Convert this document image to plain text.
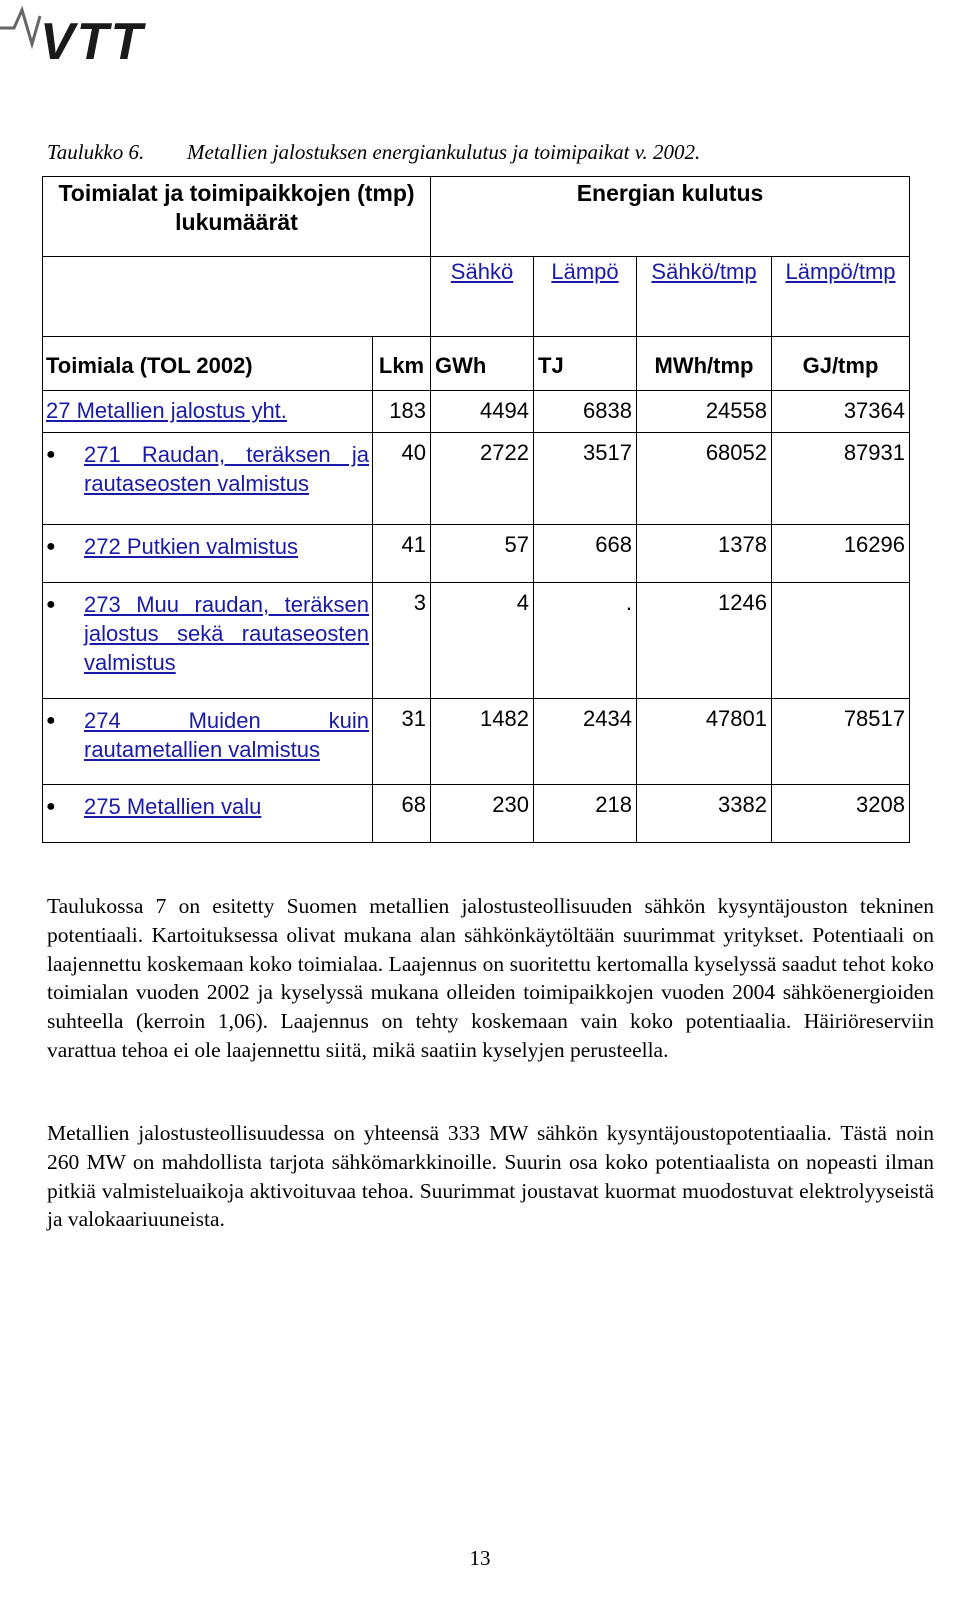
VTT
Taulukko 6. Metallien jalostuksen energiankulutus ja toimipaikat v. 2002.
Toimialat ja toimipaikkojen (tmp) lukumäärät		Energian kulutus			
		Sähkö	Lämpö	Sähkö/tmp	Lämpö/tmp
Toimiala (TOL 2002)	Lkm	GWh	TJ	MWh/tmp	GJ/tmp
27 Metallien jalostus yht.	183	4494	6838	24558	37364

● 271 Raudan, teräksen ja rautaseosten valmistus	40	2722	3517	68052	87931

● 272 Putkien valmistus	41	57	668	1378	16296

● 273 Muu raudan, teräksen jalostus sekä rautaseosten valmistus	3	4	.	1246	

● 274 Muiden kuin rautametallien valmistus	31	1482	2434	47801	78517

● 275 Metallien valu	68	230	218	3382	3208

Taulukossa 7 on esitetty Suomen metallien jalostusteollisuuden sähkön kysyntäjouston tekninen potentiaali. Kartoituksessa olivat mukana alan sähkönkäytöltään suurimmat yritykset. Potentiaali on laajennettu koskemaan koko toimialaa. Laajennus on suoritettu kertomalla kyselyssä saadut tehot koko toimialan vuoden 2002 ja kyselyssä mukana olleiden toimipaikkojen vuoden 2004 sähköenergioiden suhteella (kerroin 1,06). Laajennus on tehty koskemaan vain koko potentiaalia. Häiriöreserviin varattua tehoa ei ole laajennettu siitä, mikä saatiin kyselyjen perusteella.

Metallien jalostusteollisuudessa on yhteensä 333 MW sähkön kysyntäjoustopotentiaalia. Tästä noin 260 MW on mahdollista tarjota sähkömarkkinoille. Suurin osa koko potentiaalista on nopeasti ilman pitkiä valmisteluaikoja aktivoituvaa tehoa. Suurimmat joustavat kuormat muodostuvat elektrolyyseistä ja valokaariuuneista.

13
